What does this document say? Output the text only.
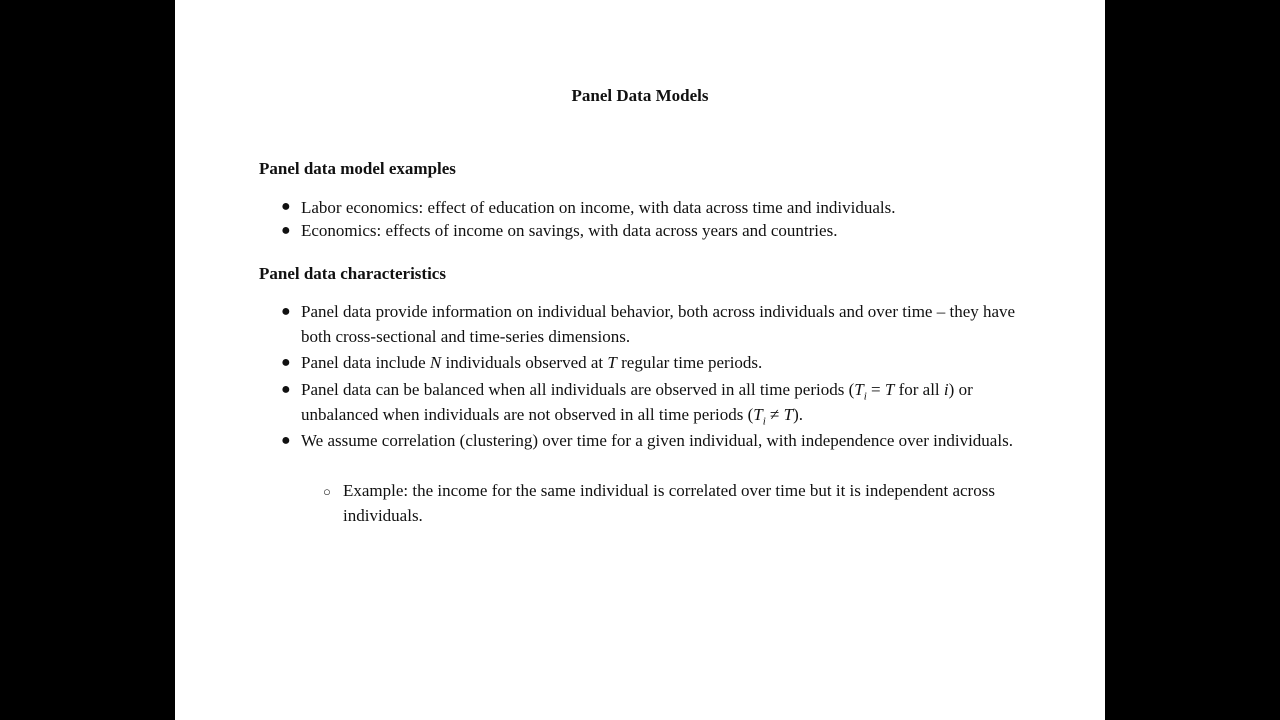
Panel Data Models
Panel data model examples
● Labor economics: effect of education on income, with data across time and individuals.
● Economics: effects of income on savings, with data across years and countries.
Panel data characteristics
● Panel data provide information on individual behavior, both across individuals and over time – they have both cross-sectional and time-series dimensions.
● Panel data include N individuals observed at T regular time periods.
● Panel data can be balanced when all individuals are observed in all time periods ($T_i = T$ for all i) or unbalanced when individuals are not observed in all time periods $(T_i \ne T)$.
● We assume correlation (clustering) over time for a given individual, with independence over individuals.
○ Example: the income for the same individual is correlated over time but it is independent across individuals.
